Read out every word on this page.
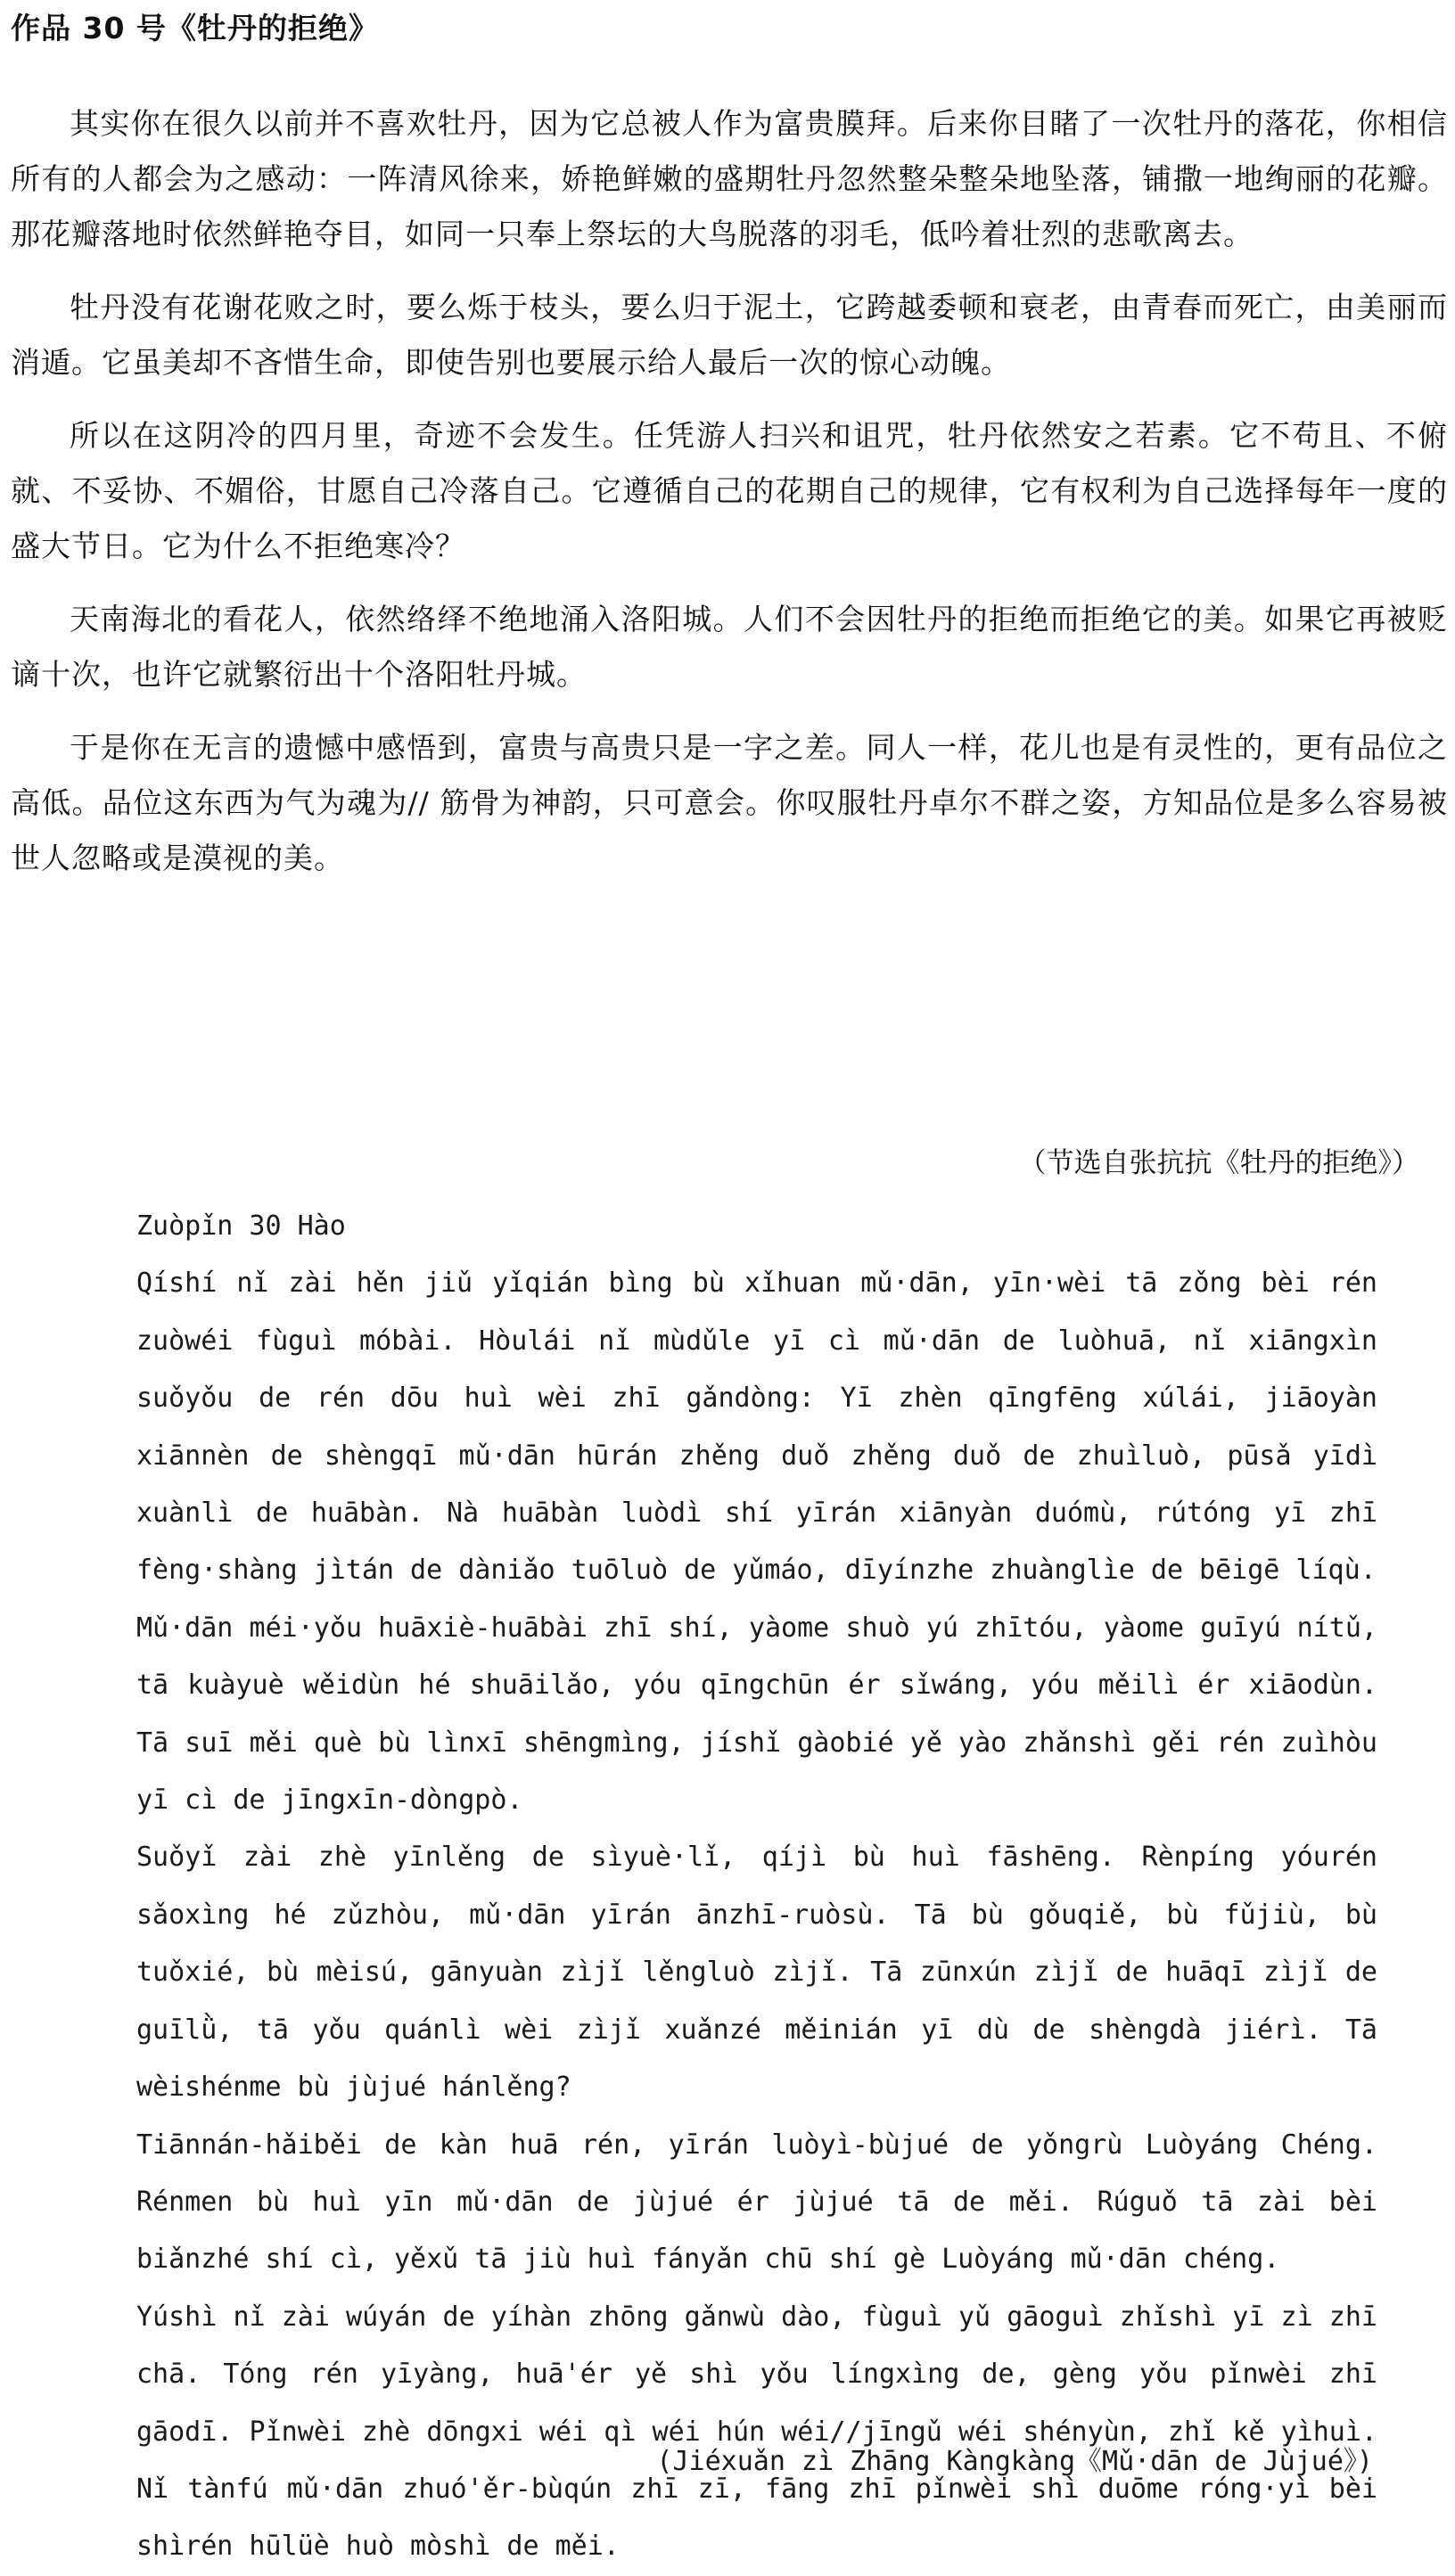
作品 30 号《牡丹的拒绝》

其实你在很久以前并不喜欢牡丹，因为它总被人作为富贵膜拜。后来你目睹了一次牡丹的落花，你相信所有的人都会为之感动：一阵清风徐来，娇艳鲜嫩的盛期牡丹忽然整朵整朵地坠落，铺撒一地绚丽的花瓣。那花瓣落地时依然鲜艳夺目，如同一只奉上祭坛的大鸟脱落的羽毛，低吟着壮烈的悲歌离去。

牡丹没有花谢花败之时，要么烁于枝头，要么归于泥土，它跨越委顿和衰老，由青春而死亡，由美丽而消遁。它虽美却不吝惜生命，即使告别也要展示给人最后一次的惊心动魄。

所以在这阴冷的四月里，奇迹不会发生。任凭游人扫兴和诅咒，牡丹依然安之若素。它不苟且、不俯就、不妥协、不媚俗，甘愿自己冷落自己。它遵循自己的花期自己的规律，它有权利为自己选择每年一度的盛大节日。它为什么不拒绝寒冷？

天南海北的看花人，依然络绎不绝地涌入洛阳城。人们不会因牡丹的拒绝而拒绝它的美。如果它再被贬谪十次，也许它就繁衍出十个洛阳牡丹城。

于是你在无言的遗憾中感悟到，富贵与高贵只是一字之差。同人一样，花儿也是有灵性的，更有品位之高低。品位这东西为气为魂为// 筋骨为神韵，只可意会。你叹服牡丹卓尔不群之姿，方知品位是多么容易被世人忽略或是漠视的美。

（节选自张抗抗《牡丹的拒绝》）

Zuòpǐn 30 Hào

Qíshí nǐ zài hěn jiǔ yǐqián bìng bù xǐhuan mǔ·dān, yīn·wèi tā zǒng bèi rén zuòwéi fùguì móbài. Hòulái nǐ mùdǔle yī cì mǔ·dān de luòhuā, nǐ xiāngxìn suǒyǒu de rén dōu huì wèi zhī gǎndòng: Yī zhèn qīngfēng xúlái, jiāoyàn xiānnèn de shèngqī mǔ·dān hūrán zhěng duǒ zhěng duǒ de zhuìluò, pūsǎ yīdì xuànlì de huābàn. Nà huābàn luòdì shí yīrán xiānyàn duómù, rútóng yī zhī fèng·shàng jìtán de dàniǎo tuōluò de yǔmáo, dīyínzhe zhuànglìe de bēigē líqù.

Mǔ·dān méi·yǒu huāxiè-huābài zhī shí, yàome shuò yú zhītóu, yàome guīyú nítǔ, tā kuàyuè wěidùn hé shuāilǎo, yóu qīngchūn ér sǐwáng, yóu měilì ér xiāodùn. Tā suī měi què bù lìnxī shēngmìng, jíshǐ gàobié yě yào zhǎnshì gěi rén zuìhòu yī cì de jīngxīn-dòngpò.

Suǒyǐ zài zhè yīnlěng de sìyuè·lǐ, qíjì bù huì fāshēng. Rènpíng yóurén sǎoxìng hé zǔzhòu, mǔ·dān yīrán ānzhī-ruòsù. Tā bù gǒuqiě, bù fǔjiù, bù tuǒxié, bù mèisú, gānyuàn zìjǐ lěngluò zìjǐ. Tā zūnxún zìjǐ de huāqī zìjǐ de guīlǜ, tā yǒu quánlì wèi zìjǐ xuǎnzé měinián yī dù de shèngdà jiérì. Tā wèishénme bù jùjué hánlěng?

Tiānnán-hǎiběi de kàn huā rén, yīrán luòyì-bùjué de yǒngrù Luòyáng Chéng. Rénmen bù huì yīn mǔ·dān de jùjué ér jùjué tā de měi. Rúguǒ tā zài bèi biǎnzhé shí cì, yěxǔ tā jiù huì fányǎn chū shí gè Luòyáng mǔ·dān chéng.

Yúshì nǐ zài wúyán de yíhàn zhōng gǎnwù dào, fùguì yǔ gāoguì zhǐshì yī zì zhī chā. Tóng rén yīyàng, huā'ér yě shì yǒu língxìng de, gèng yǒu pǐnwèi zhī gāodī. Pǐnwèi zhè dōngxi wéi qì wéi hún wéi//jīngǔ wéi shényùn, zhǐ kě yìhuì. Nǐ tànfú mǔ·dān zhuó'ěr-bùqún zhī zī, fāng zhī pǐnwèi shì duōme róng·yì bèi shìrén hūlüè huò mòshì de měi.

(Jiéxuǎn zì Zhāng Kàngkàng《Mǔ·dān de Jùjué》)
